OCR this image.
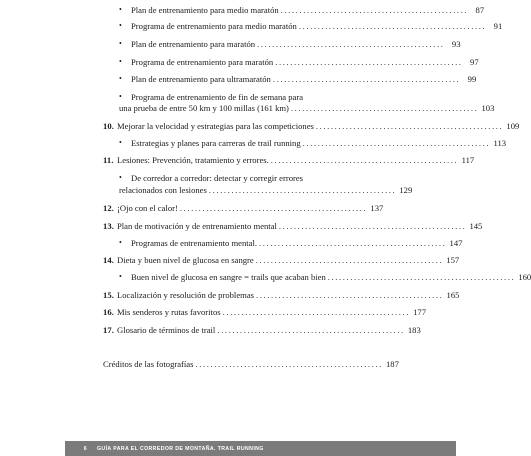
•	Plan de entrenamiento para medio maratón .................................................. 87
•	Programa de entrenamiento para medio maratón .................................................. 91
•	Plan de entrenamiento para maratón .................................................. 93
•	Programa de entrenamiento para maratón .................................................. 97
•	Plan de entrenamiento para ultramaratón .................................................. 99
•	Programa de entrenamiento de fin de semana para
una prueba de entre 50 km y 100 millas (161 km) .................................................. 103
10. Mejorar la velocidad y estrategias para las competiciones .................................................. 109
•	Estrategias y planes para carreras de trail running .................................................. 113
11. Lesiones: Prevención, tratamiento y errores. .................................................. 117
•	De corredor a corredor: detectar y corregir errores
relacionados con lesiones .................................................. 129
12. ¡Ojo con el calor! .................................................. 137
13. Plan de motivación y de entrenamiento mental .................................................. 145
•	Programas de entrenamiento mental. .................................................. 147
14. Dieta y buen nivel de glucosa en sangre .................................................. 157
•	Buen nivel de glucosa en sangre = trails que acaban bien .................................................. 160
15. Localización y resolución de problemas .................................................. 165
16. Mis senderos y rutas favoritos .................................................. 177
17. Glosario de términos de trail .................................................. 183
Créditos de las fotografías .................................................. 187
6	GUÍA PARA EL CORREDOR DE MONTAÑA. TRAIL RUNNING
